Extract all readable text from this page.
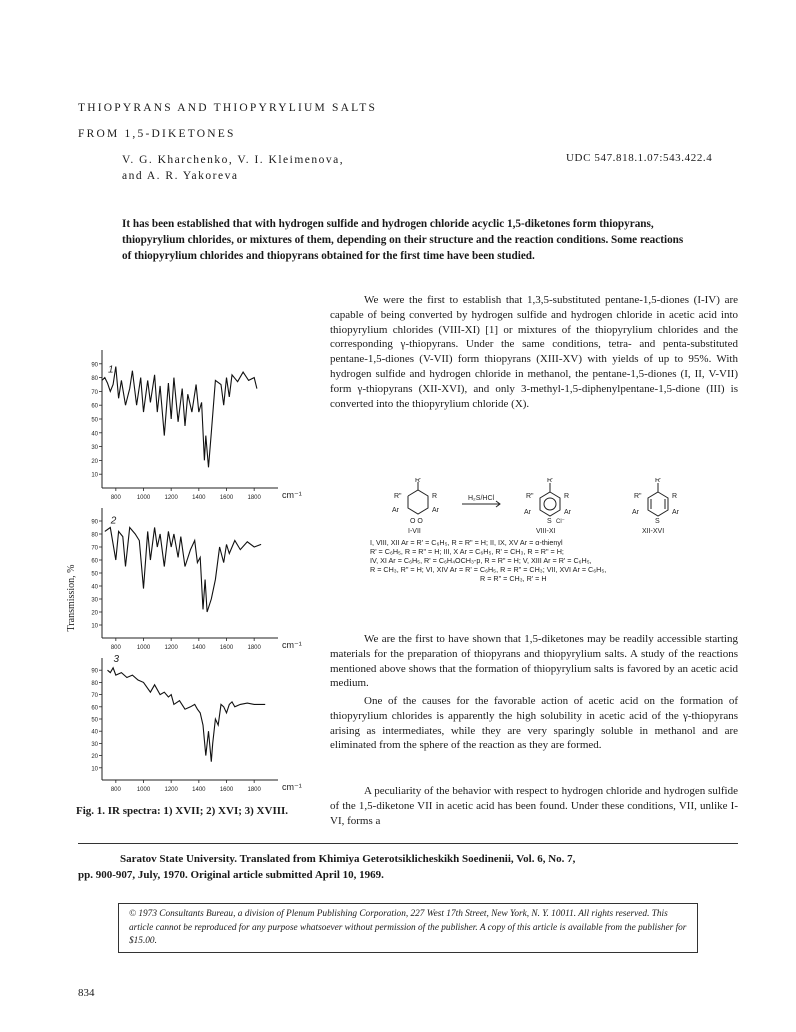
THIOPYRANS AND THIOPYRYLIUM SALTS
FROM 1,5-DIKETONES
V. G. Kharchenko, V. I. Kleimenova,
and A. R. Yakoreva
UDC 547.818.1.07:543.422.4

It has been established that with hydrogen sulfide and hydrogen chloride acyclic 1,5-diketones form thiopyrans, thiopyrylium chlorides, or mixtures of them, depending on their structure and the reaction conditions. Some reactions of thiopyrylium chlorides and thiopyrans obtained for the first time have been studied.

We were the first to establish that 1,3,5-substituted pentane-1,5-diones (I-IV) are capable of being converted by hydrogen sulfide and hydrogen chloride in acetic acid into thiopyrylium chlorides (VIII-XI) [1] or mixtures of the thiopyrylium chlorides and the corresponding γ-thiopyrans. Under the same conditions, tetra- and penta-substituted pentane-1,5-diones (V-VII) form thiopyrans (XIII-XV) with yields of up to 95%. With hydrogen sulfide and hydrogen chloride in methanol, the pentane-1,5-diones (I, II, V-VII) form γ-thiopyrans (XII-XVI), and only 3-methyl-1,5-diphenylpentane-1,5-dione (III) is converted into the thiopyrylium chloride (X).

R'
R"	R
Ar	Ar
O O
I-VII
H₂S/HCl
R'
R"	R
Ar	Ar
S Cl⁻
VIII-XI
R'
R"	R
Ar	Ar
S
XII-XVI
I, VIII, XII Ar = R' = C₆H₅, R = R" = H; II, IX, XV Ar = α-thienyl
R' = C₆H₅, R = R" = H; III, X Ar = C₆H₅, R' = CH₃, R = R" = H;
IV, XI Ar = C₆H₅, R' = C₆H₄OCH₃-p, R = R" = H; V, XIII Ar = R' = C₆H₅,
R = CH₃, R" = H; VI, XIV Ar = R' = C₆H₅, R = R" = CH₃; VII, XVI Ar = C₆H₅,
R = R" = CH₃, R' = H

We are the first to have shown that 1,5-diketones may be readily accessible starting materials for the preparation of thiopyrans and thiopyrylium salts. A study of the reactions mentioned above shows that the formation of thiopyrylium salts is favored by an acetic acid medium.

One of the causes for the favorable action of acetic acid on the formation of thiopyrylium chlorides is apparently the high solubility in acetic acid of the γ-thiopyrans arising as intermediates, while they are very sparingly soluble in methanol and are eliminated from the sphere of the reaction as they are formed.

A peculiarity of the behavior with respect to hydrogen chloride and hydrogen sulfide of the 1,5-diketone VII in acetic acid has been found. Under these conditions, VII, unlike I-VI, forms a

Transmission, %
90
80
70
60
50
40
30
20
10
800	1000 1200 1400 1600 1800 cm⁻¹
1
90
80
70
60
50
40
30
20
10
800	1000 1200 1400 1600 1800 cm⁻¹
2
90
80
70
60
50
40
30
20
10
800	1000 1200 1400 1600 1800 cm⁻¹
3
Fig. 1. IR spectra: 1) XVII; 2) XVI; 3) XVIII.
Saratov State University. Translated from Khimiya Geterotsiklicheskikh Soedinenii, Vol. 6, No. 7,
pp. 900-907, July, 1970. Original article submitted April 10, 1969.
© 1973 Consultants Bureau, a division of Plenum Publishing Corporation, 227 West 17th Street, New York, N. Y. 10011. All rights reserved. This article cannot be reproduced for any purpose whatsoever without permission of the publisher. A copy of this article is available from the publisher for $15.00.
834
